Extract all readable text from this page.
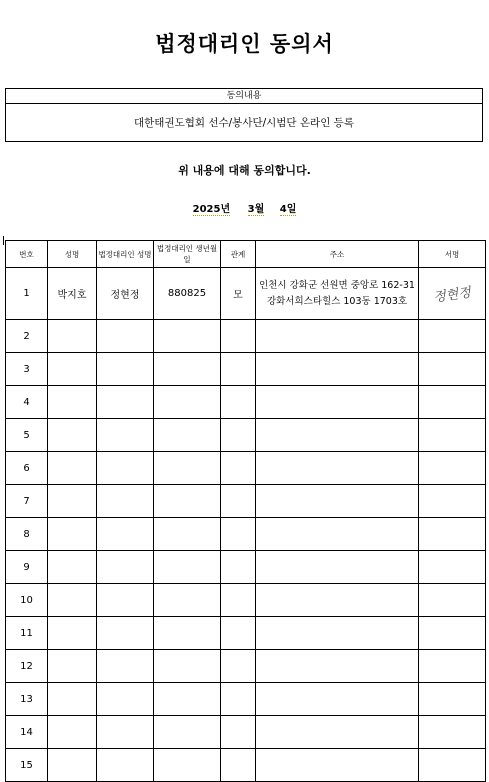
법정대리인 동의서
동의내용
대한태권도협회 선수/봉사단/시범단 온라인 등록
위 내용에 대해 동의합니다.
2025년 3월 4일
번호	성명	법정대리인 성명	법정대리인 생년월일	관계	주소	서명
1	박지호	정현정	880825	모	인천시 강화군 선원면 중앙로 162-31 강화서희스타힐스 103동 1703호	정현정
2						
3						
4						
5						
6						
7						
8						
9						
10						
11						
12						
13						
14						
15						
